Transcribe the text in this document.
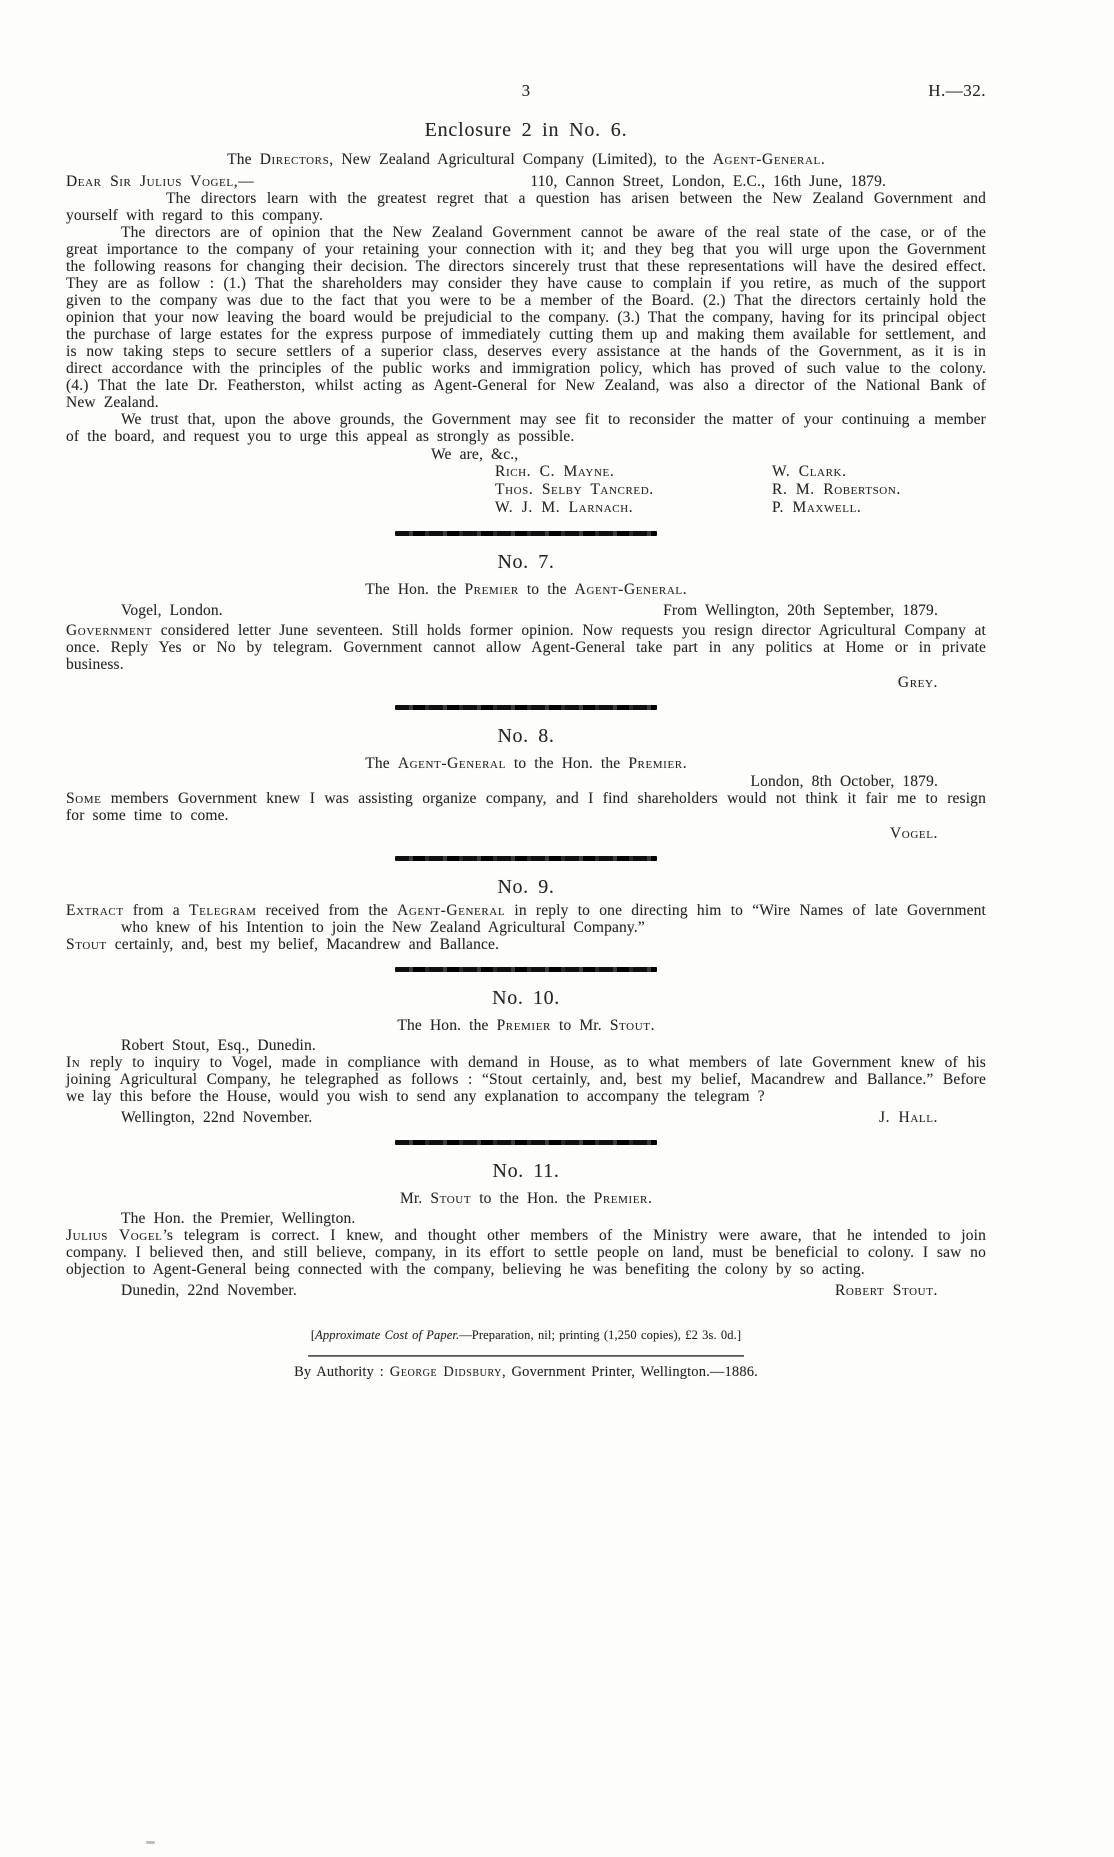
3	H.—32.
Enclosure 2 in No. 6.

The Directors, New Zealand Agricultural Company (Limited), to the Agent-General.

Dear Sir Julius Vogel,—	110, Cannon Street, London, E.C., 16th June, 1879.

The directors learn with the greatest regret that a question has arisen between the New Zealand Government and yourself with regard to this company.

The directors are of opinion that the New Zealand Government cannot be aware of the real state of the case, or of the great importance to the company of your retaining your connection with it; and they beg that you will urge upon the Government the following reasons for changing their decision. The directors sincerely trust that these representations will have the desired effect. They are as follow : (1.) That the shareholders may consider they have cause to complain if you retire, as much of the support given to the company was due to the fact that you were to be a member of the Board. (2.) That the directors certainly hold the opinion that your now leaving the board would be prejudicial to the company. (3.) That the company, having for its principal object the purchase of large estates for the express purpose of immediately cutting them up and making them available for settlement, and is now taking steps to secure settlers of a superior class, deserves every assistance at the hands of the Government, as it is in direct accordance with the principles of the public works and immigration policy, which has proved of such value to the colony. (4.) That the late Dr. Featherston, whilst acting as Agent-General for New Zealand, was also a director of the National Bank of New Zealand.

We trust that, upon the above grounds, the Government may see fit to reconsider the matter of your continuing a member of the board, and request you to urge this appeal as strongly as possible.

We are, &c.,

Rich. C. Mayne.	W. Clark.
Thos. Selby Tancred.	R. M. Robertson.
W. J. M. Larnach.	P. Maxwell.
No. 7.

The Hon. the Premier to the Agent-General.

Vogel, London.	From Wellington, 20th September, 1879.

Government considered letter June seventeen. Still holds former opinion. Now requests you resign director Agricultural Company at once. Reply Yes or No by telegram. Government cannot allow Agent-General take part in any politics at Home or in private business.

Grey.

No. 8.

The Agent-General to the Hon. the Premier.

London, 8th October, 1879.

Some members Government knew I was assisting organize company, and I find shareholders would not think it fair me to resign for some time to come.

Vogel.

No. 9.

Extract from a Telegram received from the Agent-General in reply to one directing him to “Wire Names of late Government who knew of his Intention to join the New Zealand Agricultural Company.”

Stout certainly, and, best my belief, Macandrew and Ballance.

No. 10.

The Hon. the Premier to Mr. Stout.

Robert Stout, Esq., Dunedin.

In reply to inquiry to Vogel, made in compliance with demand in House, as to what members of late Government knew of his joining Agricultural Company, he telegraphed as follows : “Stout certainly, and, best my belief, Macandrew and Ballance.” Before we lay this before the House, would you wish to send any explanation to accompany the telegram ?

Wellington, 22nd November.	J. Hall.
No. 11.

Mr. Stout to the Hon. the Premier.

The Hon. the Premier, Wellington.

Julius Vogel’s telegram is correct. I knew, and thought other members of the Ministry were aware, that he intended to join company. I believed then, and still believe, company, in its effort to settle people on land, must be beneficial to colony. I saw no objection to Agent-General being connected with the company, believing he was benefiting the colony by so acting.

Dunedin, 22nd November.	Robert Stout.

[Approximate Cost of Paper.—Preparation, nil; printing (1,250 copies), £2 3s. 0d.]

By Authority : George Didsbury, Government Printer, Wellington.—1886.
